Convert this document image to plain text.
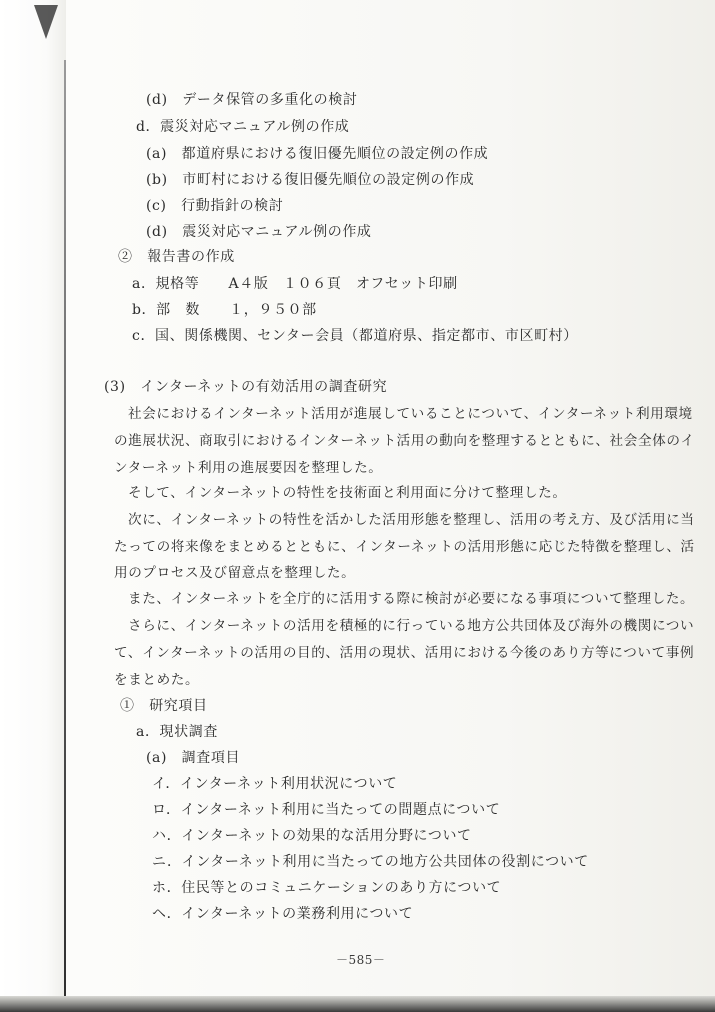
(d)　データ保管の多重化の検討
d．震災対応マニュアル例の作成
(a)　都道府県における復旧優先順位の設定例の作成
(b)　市町村における復旧優先順位の設定例の作成
(c)　行動指針の検討
(d)　震災対応マニュアル例の作成
②　報告書の作成
a．規格等　　A４版　１０６頁　オフセット印刷
b．部　数　　１，９５０部
c．国、関係機関、センター会員（都道府県、指定都市、市区町村）
(3)　インターネットの有効活用の調査研究
社会におけるインターネット活用が進展していることについて、インターネット利用環境
の進展状況、商取引におけるインターネット活用の動向を整理するとともに、社会全体のイ
ンターネット利用の進展要因を整理した。
そして、インターネットの特性を技術面と利用面に分けて整理した。
次に、インターネットの特性を活かした活用形態を整理し、活用の考え方、及び活用に当
たっての将来像をまとめるとともに、インターネットの活用形態に応じた特徴を整理し、活
用のプロセス及び留意点を整理した。
また、インターネットを全庁的に活用する際に検討が必要になる事項について整理した。
さらに、インターネットの活用を積極的に行っている地方公共団体及び海外の機関につい
て、インターネットの活用の目的、活用の現状、活用における今後のあり方等について事例
をまとめた。
①　研究項目
a．現状調査
(a)　調査項目
イ．インターネット利用状況について
ロ．インターネット利用に当たっての問題点について
ハ．インターネットの効果的な活用分野について
ニ．インターネット利用に当たっての地方公共団体の役割について
ホ．住民等とのコミュニケーションのあり方について
ヘ．インターネットの業務利用について
－585－
